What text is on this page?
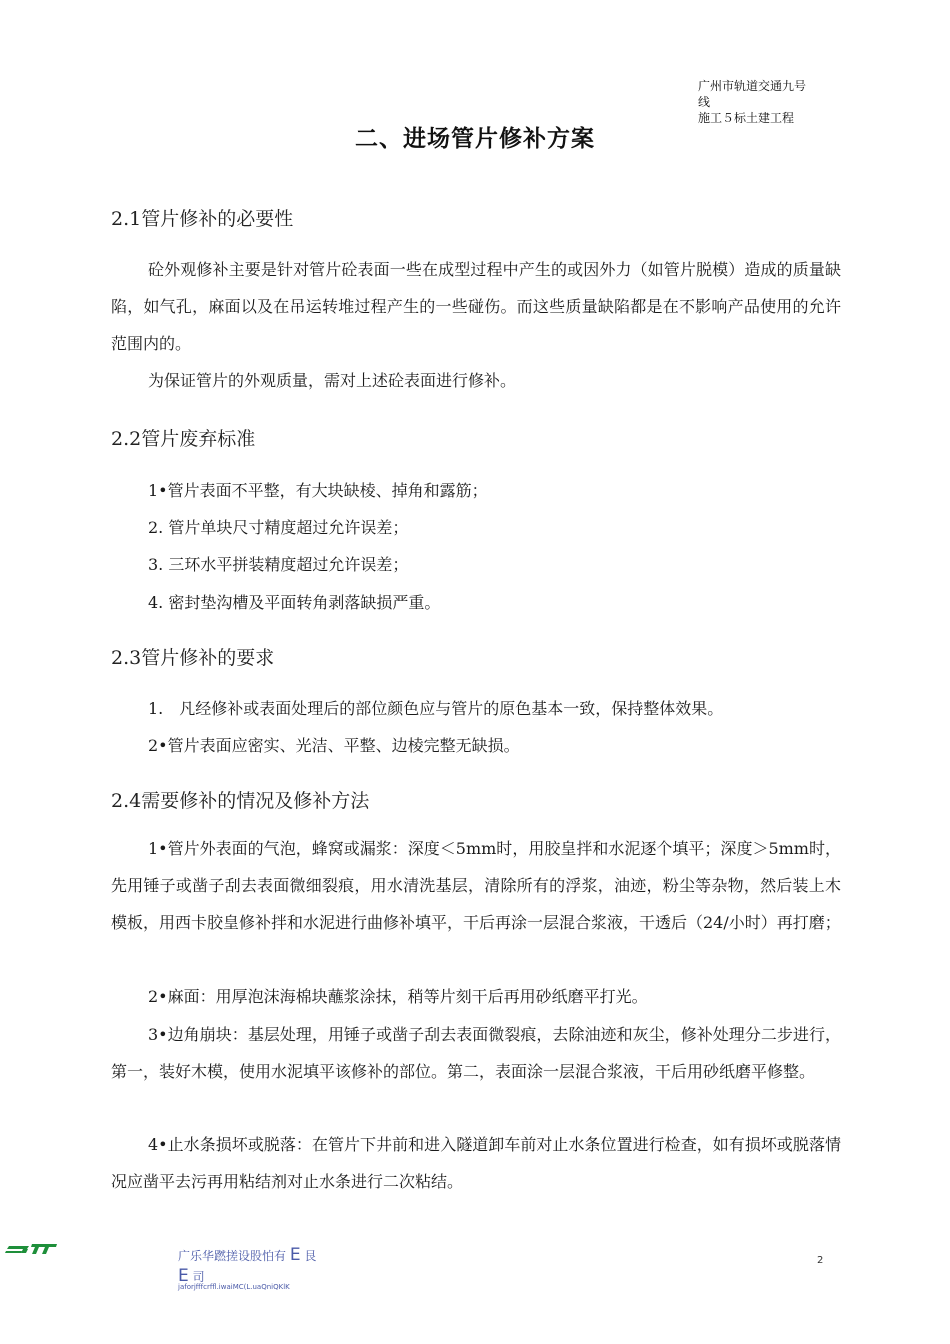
广州市轨道交通九号
线
施工５标土建工程
二、进场管片修补方案
2.1管片修补的必要性
砼外观修补主要是针对管片砼表面一些在成型过程中产生的或因外力（如管片脱模）造成的质量缺陷，如气孔，麻面以及在吊运转堆过程产生的一些碰伤。而这些质量缺陷都是在不影响产品使用的允许范围内的。
为保证管片的外观质量，需对上述砼表面进行修补。
2.2管片废弃标准
1•管片表面不平整，有大块缺棱、掉角和露筋；
2. 管片单块尺寸精度超过允许误差；
3. 三环水平拼装精度超过允许误差；
4. 密封垫沟槽及平面转角剥落缺损严重。
2.3管片修补的要求
1.　凡经修补或表面处理后的部位颜色应与管片的原色基本一致，保持整体效果。
2•管片表面应密实、光洁、平整、边棱完整无缺损。
2.4需要修补的情况及修补方法
1•管片外表面的气泡，蜂窝或漏浆：深度＜5mm时，用胶皇拌和水泥逐个填平；深度＞5mm时，先用锤子或凿子刮去表面微细裂痕，用水清洗基层，清除所有的浮浆，油迹，粉尘等杂物，然后装上木模板，用西卡胶皇修补拌和水泥进行曲修补填平，干后再涂一层混合浆液，干透后（24/小时）再打磨；
2•麻面：用厚泡沫海棉块蘸浆涂抹，稍等片刻干后再用砂纸磨平打光。
3•边角崩块：基层处理，用锤子或凿子刮去表面微裂痕，去除油迹和灰尘，修补处理分二步进行，第一，装好木模，使用水泥填平该修补的部位。第二，表面涂一层混合浆液，干后用砂纸磨平修整。
4•止水条损坏或脱落：在管片下井前和进入隧道卸车前对止水条位置进行检查，如有损坏或脱落情况应凿平去污再用粘结剂对止水条进行二次粘结。
广乐华蹨搓设股怕有 E 艮
E 司
jaforjfffcrffl.iwaiMC(L.uaQniQKlK
2
